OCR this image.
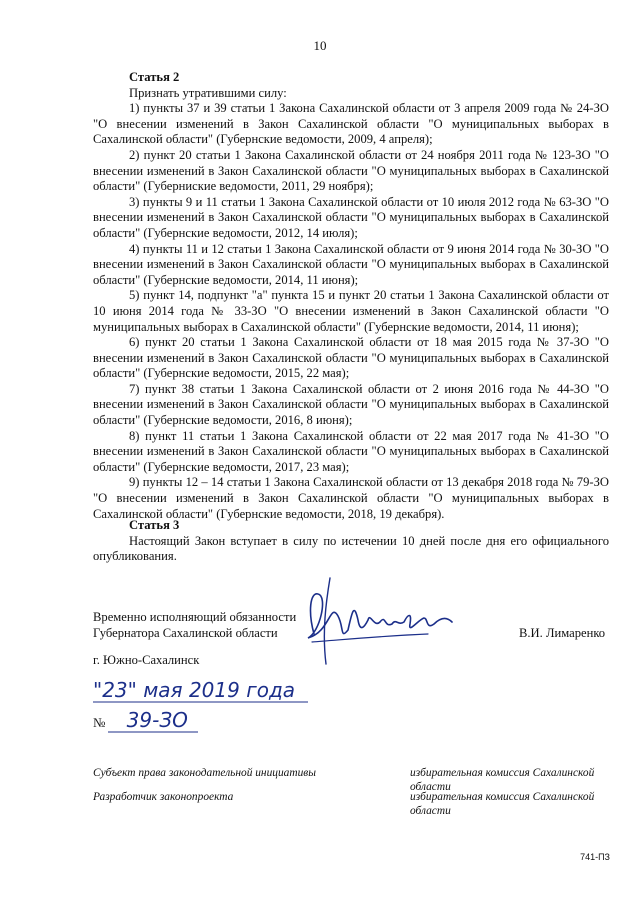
10
Статья 2
Признать утратившими силу:
1) пункты 37 и 39 статьи 1 Закона Сахалинской области от 3 апреля 2009 года № 24-ЗО "О внесении изменений в Закон Сахалинской области "О муниципальных выборах в Сахалинской области" (Губернские ведомости, 2009, 4 апреля);
2) пункт 20 статьи 1 Закона Сахалинской области от 24 ноября 2011 года № 123-ЗО "О внесении изменений в Закон Сахалинской области "О муниципальных выборах в Сахалинской области" (Губерниские ведомости, 2011, 29 ноября);
3) пункты 9 и 11 статьи 1 Закона Сахалинской области от 10 июля 2012 года № 63-ЗО "О внесении изменений в Закон Сахалинской области "О муниципальных выборах в Сахалинской области" (Губернские ведомости, 2012, 14 июля);
4) пункты 11 и 12 статьи 1 Закона Сахалинской области от 9 июня 2014 года № 30-ЗО "О внесении изменений в Закон Сахалинской области "О муниципальных выборах в Сахалинской области" (Губернские ведомости, 2014, 11 июня);
5) пункт 14, подпункт "а" пункта 15 и пункт 20 статьи 1 Закона Сахалинской области от 10 июня 2014 года № 33-ЗО "О внесении изменений в Закон Сахалинской области "О муниципальных выборах в Сахалинской области" (Губернские ведомости, 2014, 11 июня);
6) пункт 20 статьи 1 Закона Сахалинской области от 18 мая 2015 года № 37-ЗО "О внесении изменений в Закон Сахалинской области "О муниципальных выборах в Сахалинской области" (Губернские ведомости, 2015, 22 мая);
7) пункт 38 статьи 1 Закона Сахалинской области от 2 июня 2016 года № 44-ЗО "О внесении изменений в Закон Сахалинской области "О муниципальных выборах в Сахалинской области" (Губернские ведомости, 2016, 8 июня);
8) пункт 11 статьи 1 Закона Сахалинской области от 22 мая 2017 года № 41-ЗО "О внесении изменений в Закон Сахалинской области "О муниципальных выборах в Сахалинской области" (Губернские ведомости, 2017, 23 мая);
9) пункты 12 – 14 статьи 1 Закона Сахалинской области от 13 декабря 2018 года № 79-ЗО "О внесении изменений в Закон Сахалинской области "О муниципальных выборах в Сахалинской области" (Губернские ведомости, 2018, 19 декабря).
Статья 3
Настоящий Закон вступает в силу по истечении 10 дней после дня его официального опубликования.
Временно исполняющий обязанности
Губернатора Сахалинской области	В.И. Лимаренко
г. Южно-Сахалинск
"23" мая 2019 года
№ 39-ЗО
Субъект права законодательной инициативы	избирательная комиссия Сахалинской области
Разработчик законопроекта	избирательная комиссия Сахалинской области
741-ПЗ
